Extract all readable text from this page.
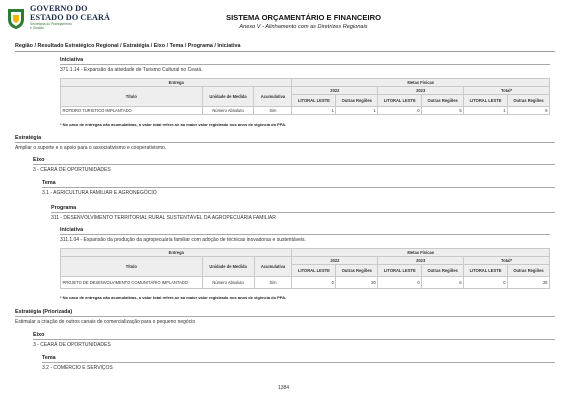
GOVERNO DO
ESTADO DO CEARÁ
Secretaria do Planejamento
e Gestão
SISTEMA ORÇAMENTÁRIO E FINANCEIRO
Anexo V - Alinhamento com as Diretrizes Regionais
Região / Resultado Estratégico Regional / Estratégia / Eixo / Tema / Programa / Iniciativa
Iniciativa
371.1.14 - Expansão da atividade de Turismo Cultural no Ceará.
Entrega			Metas Físicas					
Título	Unidade de Medida	Acumulativa	2022		2023		Total*	
			LITORAL LESTE	Outras Regiões	LITORAL LESTE	Outras Regiões	LITORAL LESTE	Outras Regiões
ROTEIRO TURISTICO IMPLANTADO	Número Absoluto	Sim	1	1	0	5	1	6
* No caso de entregas não acumulativas, o valor total refere-se ao maior valor registrado nos anos de vigência do PPA.
Estratégia
Ampliar o suporte e o apoio para o associativismo e cooperativismo.
Eixo
3 - CEARÁ DE OPORTUNIDADES
Tema
3.1 - AGRICULTURA FAMILIAR E AGRONEGÓCIO
Programa
311 - DESENVOLVIMENTO TERRITORIAL RURAL SUSTENTÁVEL DA AGROPECUÁRIA FAMILIAR
Iniciativa
311.1.04 - Expansão da produção da agropecuária familiar com adoção de técnicas inovadoras e sustentáveis.
Entrega			Metas Físicas					
Título	Unidade de Medida	Acumulativa	2022		2023		Total*	
			LITORAL LESTE	Outras Regiões	LITORAL LESTE	Outras Regiões	LITORAL LESTE	Outras Regiões
PROJETO DE DESENVOLVIMENTO COMUNITÁRIO IMPLANTADO	Número Absoluto	Sim	0	20	0	6	0	26
* No caso de entregas não acumulativas, o valor total refere-se ao maior valor registrado nos anos de vigência do PPA.
Estratégia (Priorizada)
Estimular a criação de outros canais de comercialização para o pequeno negócio
Eixo
3 - CEARÁ DE OPORTUNIDADES
Tema
3.2 - COMÉRCIO E SERVIÇOS
1384
